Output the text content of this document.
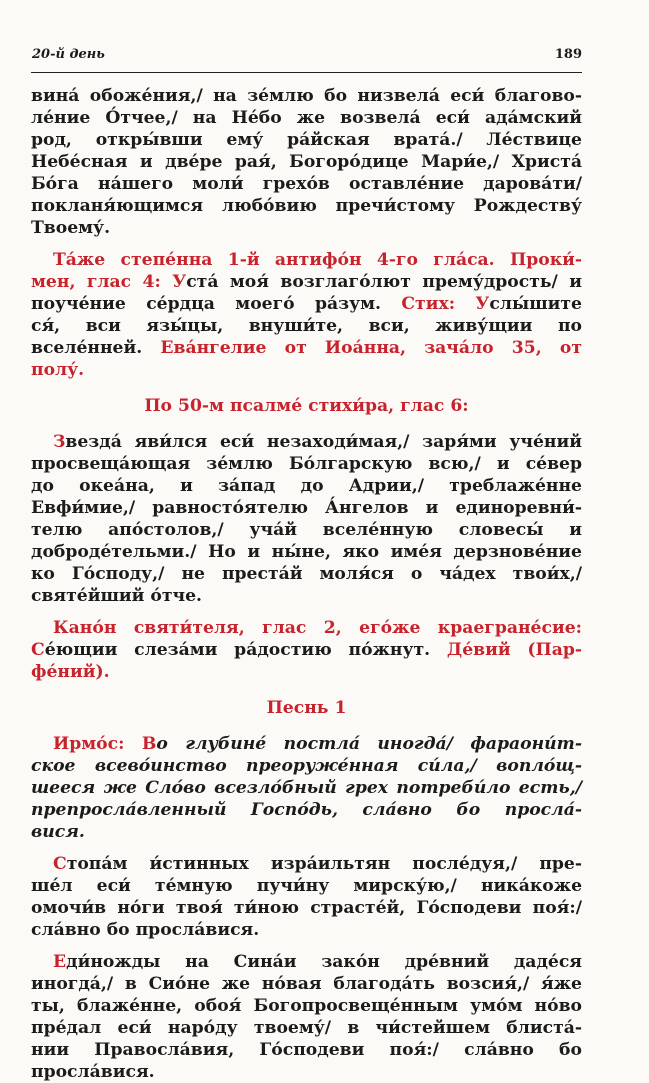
20-й день	189
вина́ обоже́ния,/ на зе́млю бо низвела́ еси́ благово-
ле́ние О́тчее,/ на Не́бо же возвела́ еси́ ада́мский
род, откры́вши ему́ ра́йская врата́./ Ле́ствице
Небе́сная и две́ре рая́, Богоро́дице Мари́е,/ Христа́
Бо́га на́шего моли́ грехо́в оставле́ние дарова́ти/
покланя́ющимся любо́вию пречи́стому Рождеству́
Твоему́.
Та́же степе́нна 1-й антифо́н 4-го гла́са. Проки́-
мен, глас 4: Уста́ моя́ возглаго́лют прему́дрость/ и
поуче́ние се́рдца моего́ ра́зум. Стих: Услы́шите
ся́, вси язы́цы, внуши́те, вси, живу́щии по
вселе́нней. Ева́нгелие от Иоа́нна, зача́ло 35, от
полу́.
По 50-м псалме́ стихи́ра, глас 6:
Звезда́ яви́лся еси́ незаходи́мая,/ заря́ми уче́ний
просвеща́ющая зе́млю Бо́лгарскую всю,/ и се́вер
до океа́на, и за́пад до Адрии,/ треблаже́нне
Евфи́мие,/ равносто́ятелю А́нгелов и единоревни́-
телю апо́столов,/ уча́й вселе́нную словесы́ и
доброде́тельми./ Но и ны́не, яко име́я дерзнове́ние
ко Го́споду,/ не преста́й моля́ся о ча́дех твои́х,/
святе́йший о́тче.
Кано́н святи́теля, глас 2, его́же краегране́сие:
Се́ющии слеза́ми ра́достию по́жнут. Де́вий (Пар-
фе́ний).
Песнь 1
Ирмо́с: Во глубине́ постла́ иногда́/ фараони́т-
ское всево́инство преоруже́нная си́ла,/ вопло́щ-
шееся же Сло́во всезло́бный грех потреби́ло есть,/
препросла́вленный Госпо́дь, сла́вно бо просла́-
вися.
Стопа́м и́стинных изра́ильтян после́дуя,/ пре-
ше́л еси́ те́мную пучи́ну мирску́ю,/ ника́коже
омочи́в но́ги твоя́ ти́ною страсте́й, Го́сподеви поя́:/
сла́вно бо просла́вися.
Еди́ножды на Сина́и зако́н дре́вний даде́ся
иногда́,/ в Сио́не же но́вая благода́ть возсия́,/ я́же
ты, блаже́нне, обоя́ Богопросвеще́нным умо́м но́во
пре́дал еси́ наро́ду твоему́/ в чи́стейшем блиста́-
нии Правосла́вия, Го́сподеви поя́:/ сла́вно бо
просла́вися.
